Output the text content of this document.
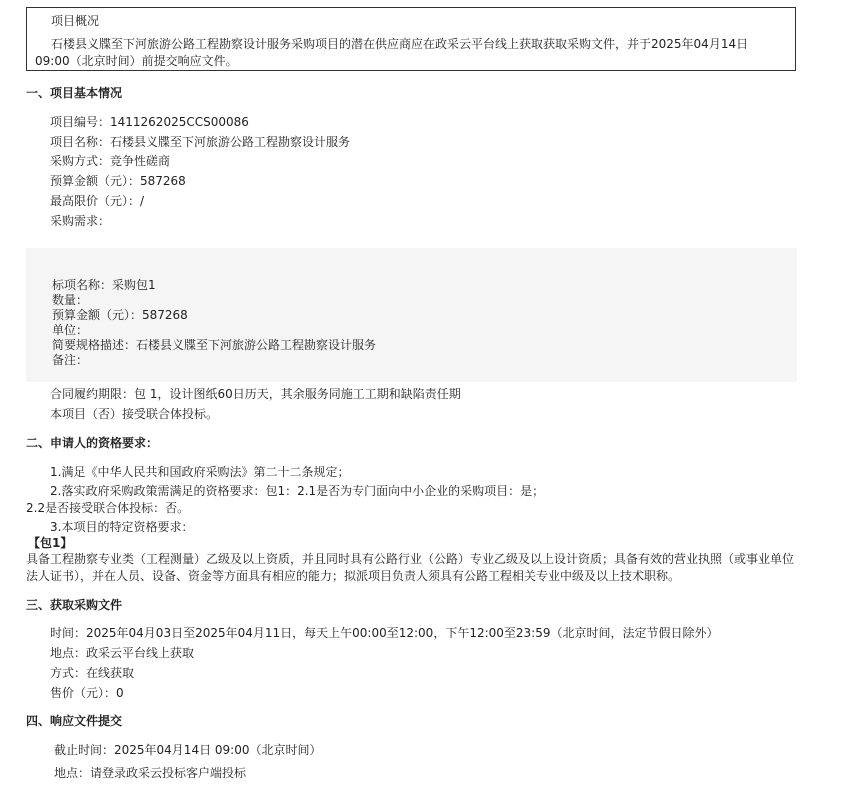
项目概况
石楼县义牒至下河旅游公路工程勘察设计服务采购项目的潜在供应商应在政采云平台线上获取获取采购文件，并于2025年04月14日 09:00（北京时间）前提交响应文件。
一、项目基本情况
项目编号：1411262025CCS00086
项目名称：石楼县义牒至下河旅游公路工程勘察设计服务
采购方式：竞争性磋商
预算金额（元）：587268
最高限价（元）：/
采购需求：
标项名称：采购包1
数量：
预算金额（元）：587268
单位：
简要规格描述：石楼县义牒至下河旅游公路工程勘察设计服务
备注：
合同履约期限：包 1，设计图纸60日历天，其余服务同施工工期和缺陷责任期
本项目（否）接受联合体投标。
二、申请人的资格要求：
1.满足《中华人民共和国政府采购法》第二十二条规定；
2.落实政府采购政策需满足的资格要求：包1：2.1是否为专门面向中小企业的采购项目：是；
2.2是否接受联合体投标：否。
3.本项目的特定资格要求：
【包1】
具备工程勘察专业类（工程测量）乙级及以上资质，并且同时具有公路行业（公路）专业乙级及以上设计资质；具备有效的营业执照（或事业单位法人证书），并在人员、设备、资金等方面具有相应的能力；拟派项目负责人须具有公路工程相关专业中级及以上技术职称。
三、获取采购文件
时间：2025年04月03日至2025年04月11日，每天上午00:00至12:00，下午12:00至23:59（北京时间，法定节假日除外）
地点：政采云平台线上获取
方式：在线获取
售价（元）：0
四、响应文件提交
截止时间：2025年04月14日 09:00（北京时间）
地点：请登录政采云投标客户端投标
